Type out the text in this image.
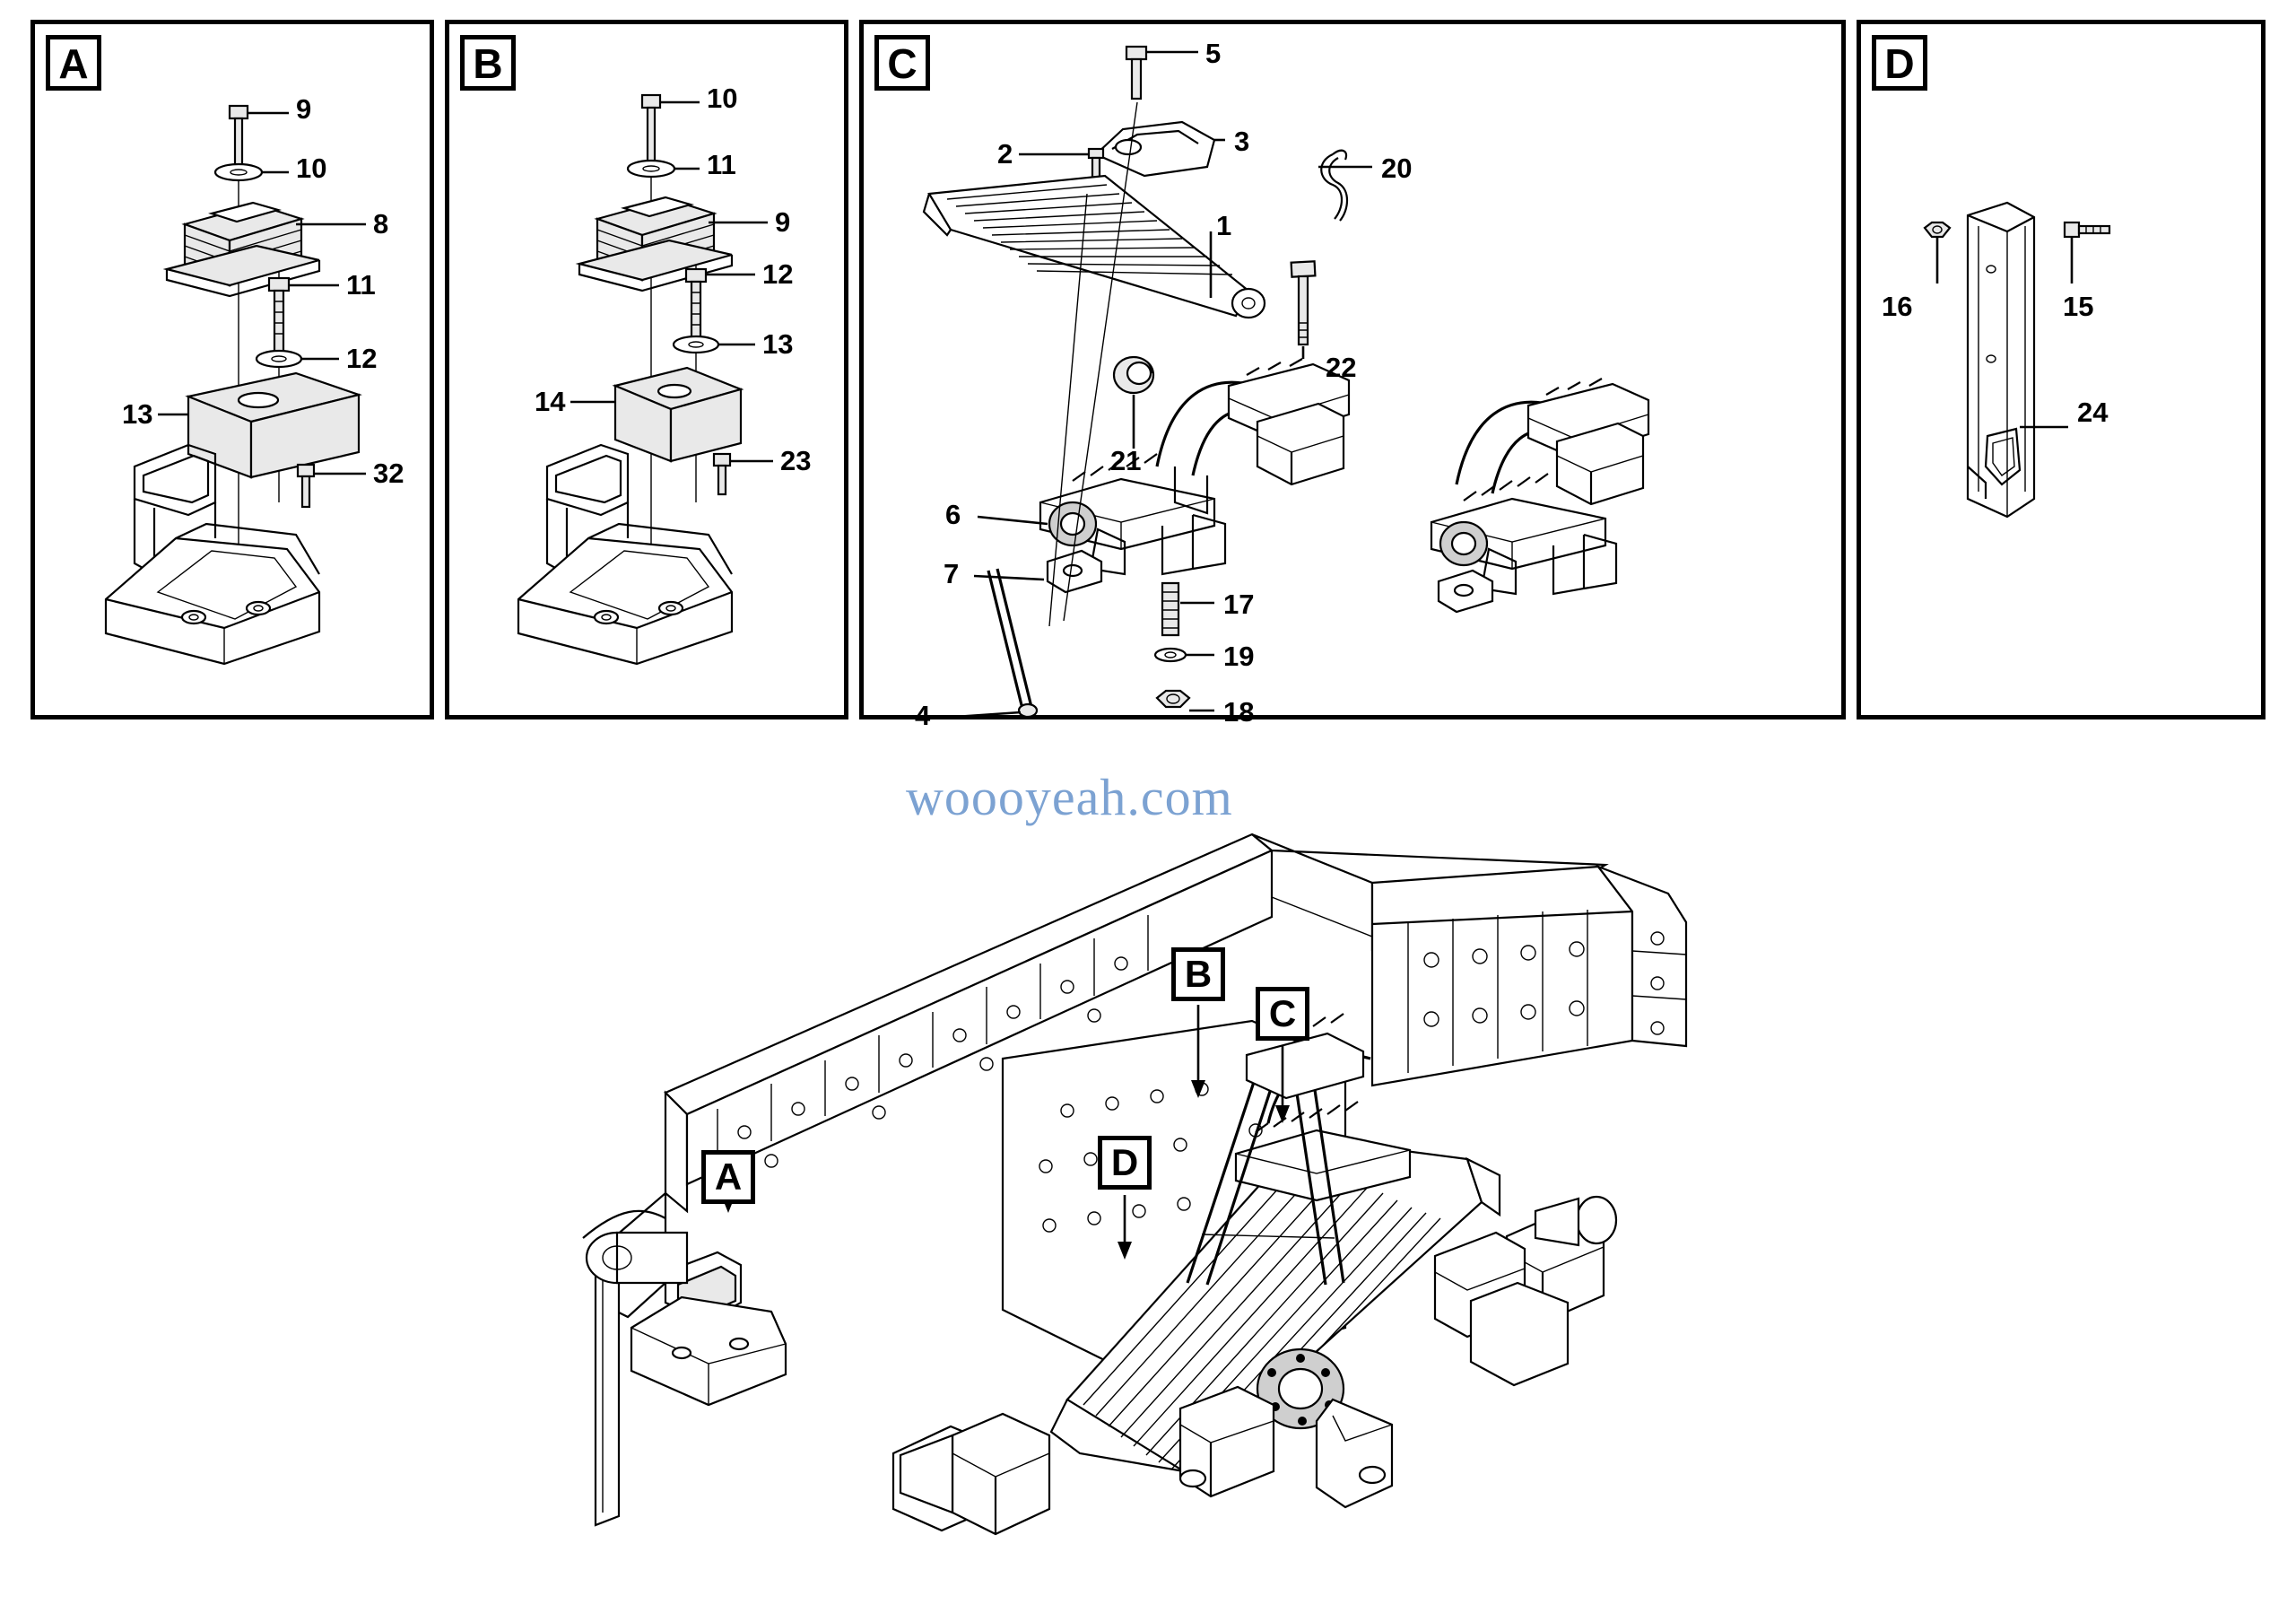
A	B	C	D
9
10
8
11
12
13
32
10
11
9
12
13
14
23
5
3
2	20
1
22
21
6
7
17
19
18
4
16	15
24
woooyeah.com
A
B
C
D
